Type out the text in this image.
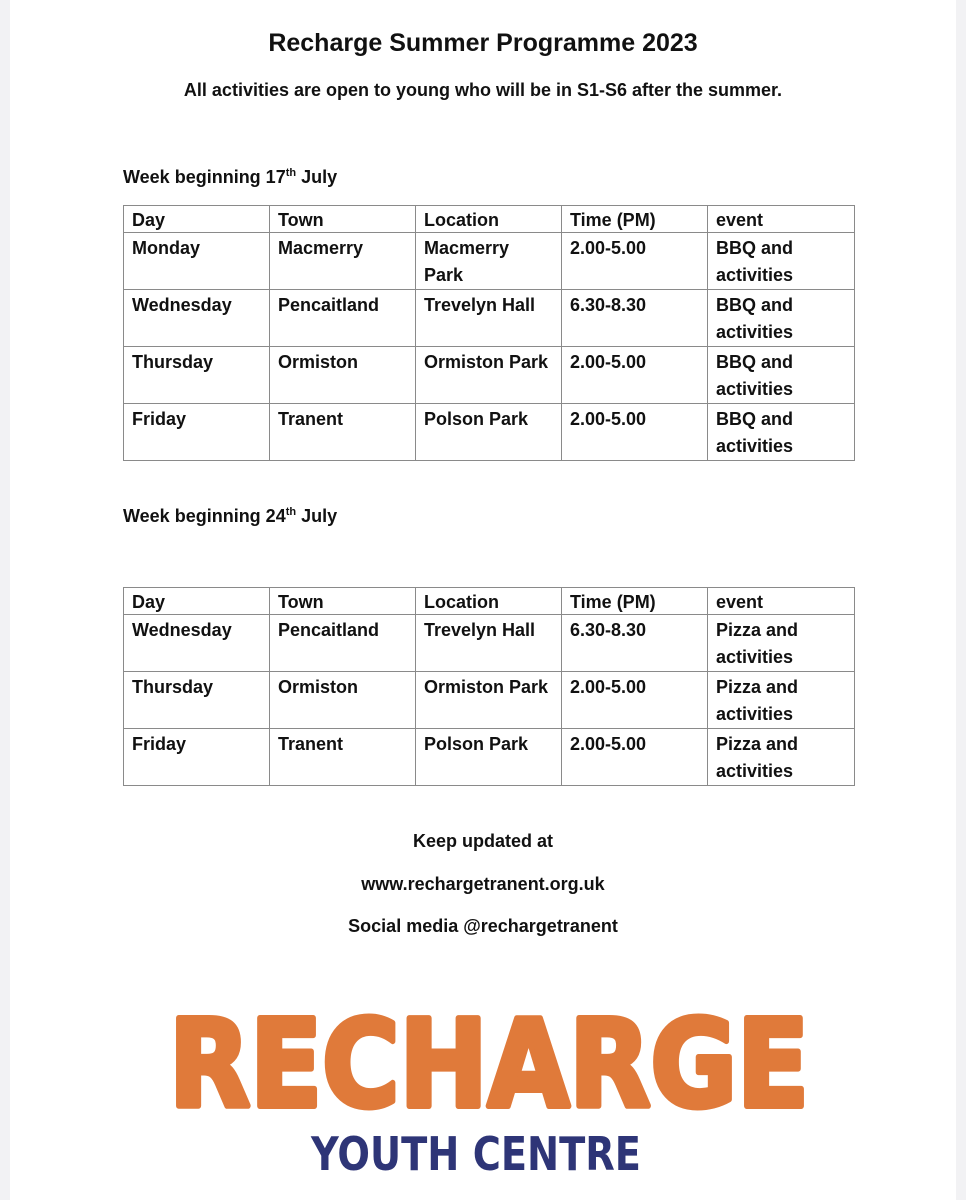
Recharge Summer Programme 2023
All activities are open to young who will be in S1-S6 after the summer.
Week beginning 17th July
Day	Town	Location	Time (PM)	event
Monday	Macmerry	Macmerry Park	2.00-5.00	BBQ and activities
Wednesday	Pencaitland	Trevelyn Hall	6.30-8.30	BBQ and activities
Thursday	Ormiston	Ormiston Park	2.00-5.00	BBQ and activities
Friday	Tranent	Polson Park	2.00-5.00	BBQ and activities
Week beginning 24th July
Day	Town	Location	Time (PM)	event
Wednesday	Pencaitland	Trevelyn Hall	6.30-8.30	Pizza and activities
Thursday	Ormiston	Ormiston Park	2.00-5.00	Pizza and activities
Friday	Tranent	Polson Park	2.00-5.00	Pizza and activities
Keep updated at
www.rechargetranent.org.uk
Social media @rechargetranent
RECHARGE
YOUTH CENTRE
